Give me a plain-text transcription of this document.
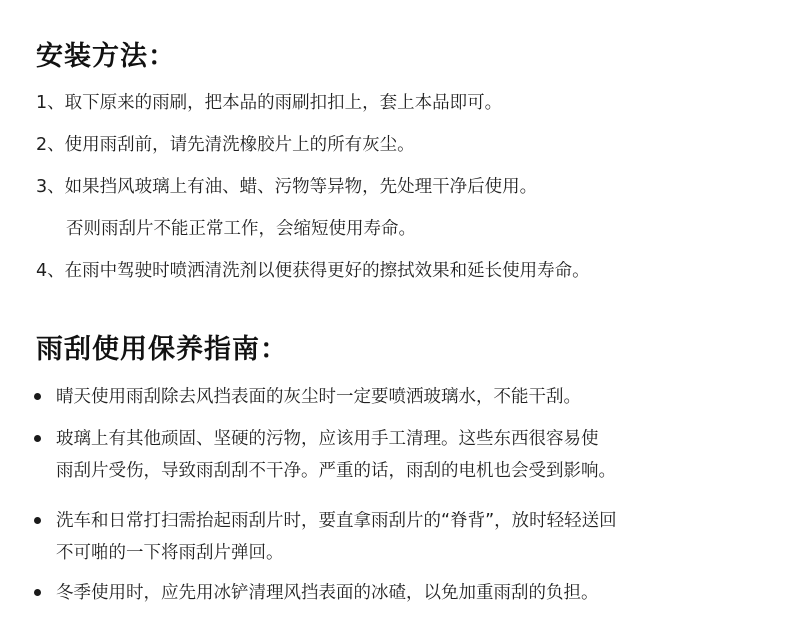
安装方法：
1、取下原来的雨刷，把本品的雨刷扣扣上，套上本品即可。
2、使用雨刮前，请先清洗橡胶片上的所有灰尘。
3、如果挡风玻璃上有油、蜡、污物等异物，先处理干净后使用。
否则雨刮片不能正常工作，会缩短使用寿命。
4、在雨中驾驶时喷洒清洗剂以便获得更好的擦拭效果和延长使用寿命。
雨刮使用保养指南：
晴天使用雨刮除去风挡表面的灰尘时一定要喷洒玻璃水，不能干刮。
玻璃上有其他顽固、坚硬的污物，应该用手工清理。这些东西很容易使
雨刮片受伤，导致雨刮刮不干净。严重的话，雨刮的电机也会受到影响。
洗车和日常打扫需抬起雨刮片时，要直拿雨刮片的“脊背”，放时轻轻送回
不可啪的一下将雨刮片弹回。
冬季使用时，应先用冰铲清理风挡表面的冰碴，以免加重雨刮的负担。
